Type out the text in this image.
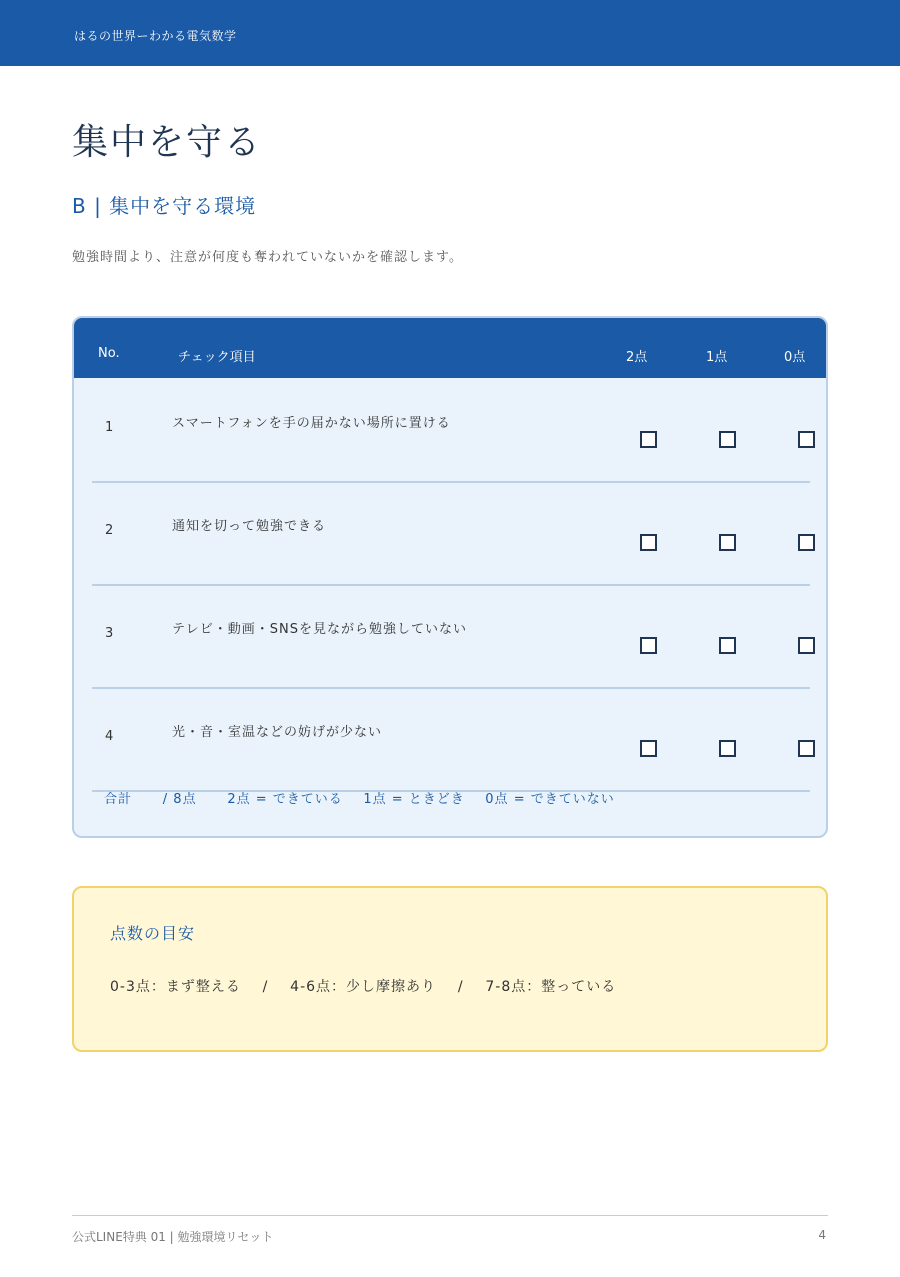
はるの世界ーわかる電気数学
集中を守る
B | 集中を守る環境
勉強時間より、注意が何度も奪われていないかを確認します。
No.	チェック項目	2点	1点	0点
1	スマートフォンを手の届かない場所に置ける
2	通知を切って勉強できる
3	テレビ・動画・SNSを見ながら勉強していない
4	光・音・室温などの妨げが少ない
合計      / 8点      2点 = できている    1点 = ときどき    0点 = できていない
点数の目安
0-3点：まず整える    /    4-6点：少し摩擦あり    /    7-8点：整っている
公式LINE特典 01 | 勉強環境リセット	4
